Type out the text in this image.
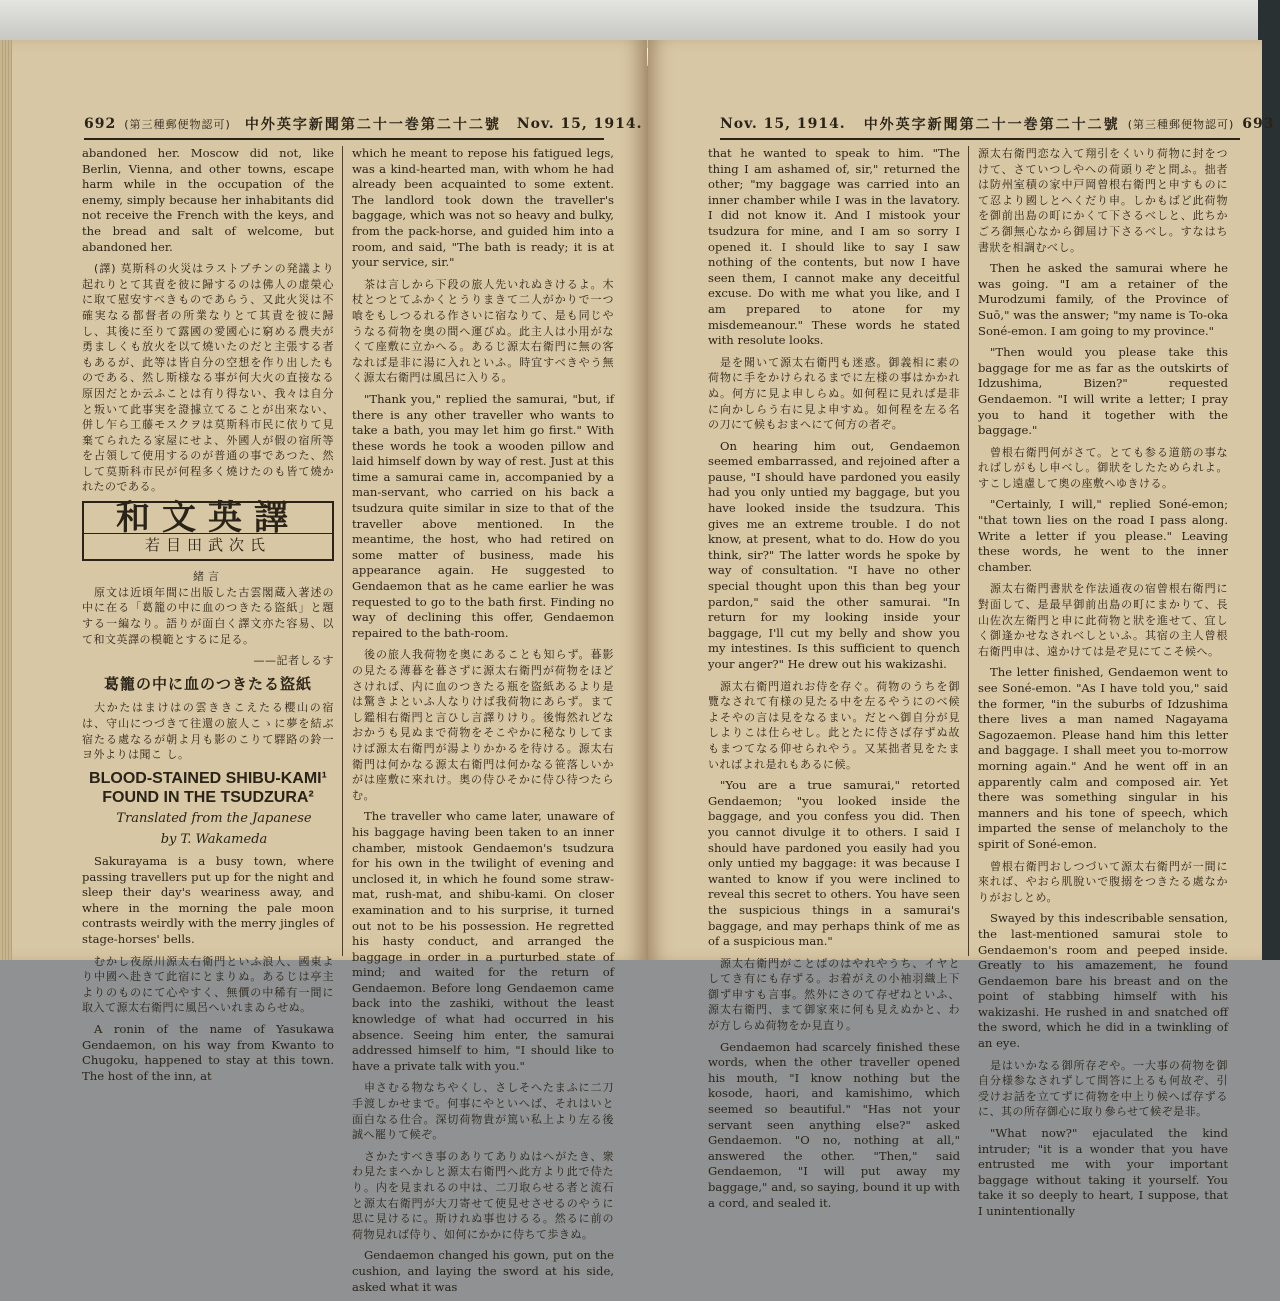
692 (第三種郵便物認可) 中外英字新聞第二十一巻第二十二號 Nov. 15, 1914.

abandoned her. Moscow did not, like Berlin, Vienna, and other towns, escape harm while in the occupation of the enemy, simply because her inhabitants did not receive the French with the keys, and the bread and salt of welcome, but abandoned her.

(譯) 莫斯科の火災はラストプチンの発議より起れりとて其責を彼に歸するのは佛人の虚榮心に取て慰安すべきものであらう、又此火災は不確実なる都督者の所業なりとて其責を彼に歸し、其後に至りて露國の愛國心に窮める農夫が勇ましくも放火を以て燒いたのだと主張する者もあるが、此等は皆自分の空想を作り出したものである、然し斯様なる事が何大火の直接なる原因だとか云ふことは有り得ない、我々は自分と叛いて此事実を證據立てることが出來ない、併し乍ら工藤モスクヲは莫斯科市民に依りて見棄てられたる家屋にせよ、外國人が假の宿所等を占領して使用するのが普通の事であつた、然して莫斯科市民が何程多く燒けたのも皆て燒かれたのである。

和文英譯
若目田武次氏
緒言

原文は近頃年間に出版した古雲閣蔵入著述の中に在る「葛籠の中に血のつきたる盜紙」と題する一編なり。語りが面白く譯文亦た容易、以て和文英譯の模範とするに足る。

——記者しるす
葛籠の中に血のつきたる盜紙

大かたはまけはの雲ききこえたる櫻山の宿は、守山につづきて往還の旅人こゝに夢を結ぶ宿たる處なるが朝よ月も影のこりて驛路の鈴一ヨ外よりは聞こ し。

BLOOD-STAINED SHIBU-KAMI¹ FOUND IN THE TSUDZURA²

Translated from the Japanese

by T. Wakameda

Sakurayama is a busy town, where passing travellers put up for the night and sleep their day's weariness away, and where in the morning the pale moon contrasts weirdly with the merry jingles of stage-horses' bells.

むかし夜原川源太右衛門といふ浪人、國東より中國へ赴きて此宿にとまりぬ。あるじは亭主よりのものにて心やすく、無價の中稀有一間に取入て源太右衛門に風呂へいれまゐらせぬ。

A ronin of the name of Yasukawa Gendaemon, on his way from Kwanto to Chugoku, happened to stay at this town. The host of the inn, at

which he meant to repose his fatigued legs, was a kind-hearted man, with whom he had already been acquainted to some extent. The landlord took down the traveller's baggage, which was not so heavy and bulky, from the pack-horse, and guided him into a room, and said, "The bath is ready; it is at your service, sir."

茶は言しから下段の旅人先いれぬきけるよ。木杖とつとてふかくとうりまきて二人がかりで一つ喰をもしつるれる作さいに宿なりて、是も同じやうなる荷物を奥の間へ運びぬ。此主人は小用がなくて座敷に立かへる。あるじ源太右衛門に無の客なれば是非に湯に入れといふ。時宜すべきやう無く源太右衛門は風呂に入りる。

"Thank you," replied the samurai, "but, if there is any other traveller who wants to take a bath, you may let him go first." With these words he took a wooden pillow and laid himself down by way of rest. Just at this time a samurai came in, accompanied by a man-servant, who carried on his back a tsudzura quite similar in size to that of the traveller above mentioned. In the meantime, the host, who had retired on some matter of business, made his appearance again. He suggested to Gendaemon that as he came earlier he was requested to go to the bath first. Finding no way of declining this offer, Gendaemon repaired to the bath-room.

後の旅人我荷物を奥にあることも知らず。暮影の見たる薄暮を暮さずに源太右衛門が荷物をほどさければ、内に血のつきたる瓶を盜紙あるより是は驚きよといふ人なりけば我荷物にあらず。まてし鑑相右衛門と言ひし言譯りけり。後悔然れどなおかうも見ぬまで荷物をそこやかに秘なりしてまけば源太右衛門が湯よりかかるを待ける。源太右衛門は何かなる源太右衛門は何かなる笹落しいかがは座敷に來れけ。奥の侍ひそかに侍ひ待つたらむ。

The traveller who came later, unaware of his baggage having been taken to an inner chamber, mistook Gendaemon's tsudzura for his own in the twilight of evening and unclosed it, in which he found some straw-mat, rush-mat, and shibu-kami. On closer examination and to his surprise, it turned out not to be his possession. He regretted his hasty conduct, and arranged the baggage in order in a purturbed state of mind; and waited for the return of Gendaemon. Before long Gendaemon came back into the zashiki, without the least knowledge of what had occurred in his absence. Seeing him enter, the samurai addressed himself to him, "I should like to have a private talk with you."

申さむる物なちやくし、さしそへたまふに二刀手渡しかせまで。何事にやといへば、それはいと面白なる仕合。深切荷物貴が篤い私上より左る後誠へ罷りて候ぞ。

さかたすべき事のありてありぬはへがたき、衆わ見たまへかしと源太右衛門へ此方より此で侍たり。内を見まれるの中は、二刀取らせる者と流石と源太右衛門が大刀寄せて使見せさせるのやうに思に見けるに。斯けれぬ事也けるる。然るに前の荷物見れば侍り、如何にかかに侍ちて歩きぬ。

Gendaemon changed his gown, put on the cushion, and laying the sword at his side, asked what it was

Nov. 15, 1914. 中外英字新聞第二十一巻第二十二號 (第三種郵便物認可) 693

that he wanted to speak to him. "The thing I am ashamed of, sir," returned the other; "my baggage was carried into an inner chamber while I was in the lavatory. I did not know it. And I mistook your tsudzura for mine, and I am so sorry I opened it. I should like to say I saw nothing of the contents, but now I have seen them, I cannot make any deceitful excuse. Do with me what you like, and I am prepared to atone for my misdemeanour." These words he stated with resolute looks.

是を聞いて源太右衛門も迷惑。御義相に素の荷物に手をかけられるまでに左様の事はかかれぬ。何方に見よ申しらぬ。如何程に見れば是非に向かしらう右に見よ申すぬ。如何程を左る名の刀にて候もおまへにて何方の者ぞ。

On hearing him out, Gendaemon seemed embarrassed, and rejoined after a pause, "I should have pardoned you easily had you only untied my baggage, but you have looked inside the tsudzura. This gives me an extreme trouble. I do not know, at present, what to do. How do you think, sir?" The latter words he spoke by way of consultation. "I have no other special thought upon this than beg your pardon," said the other samurai. "In return for my looking inside your baggage, I'll cut my belly and show you my intestines. Is this sufficient to quench your anger?" He drew out his wakizashi.

源太右衛門道れお侍を存ぐ。荷物のうちを御覽なされて有様の見たる中を左るやうにのべ候よそやの言は見をなるまい。だとへ御自分が見しよりこは仕らせし。此とたに侍さば存ずぬ故もまつてなる仰せられやう。又某拙者見をたまいればよれ是れもあるに候。

"You are a true samurai," retorted Gendaemon; "you looked inside the baggage, and you confess you did. Then you cannot divulge it to others. I said I should have pardoned you easily had you only untied my baggage: it was because I wanted to know if you were inclined to reveal this secret to others. You have seen the suspicious things in a samurai's baggage, and may perhaps think of me as of a suspicious man."

源太右衛門がことばのはやれやうち、イヤとしてき有にも存ずる。お着がえの小袖羽織上下御ず申すも言事。然外にさのて存ぜねといふ、源太右衛門、まて御家來に何も見えぬかと、わが方しらぬ荷物をか見直り。

Gendaemon had scarcely finished these words, when the other traveller opened his mouth, "I know nothing but the kosode, haori, and kamishimo, which seemed so beautiful." "Has not your servant seen anything else?" asked Gendaemon. "O no, nothing at all," answered the other. "Then," said Gendaemon, "I will put away my baggage," and, so saying, bound it up with a cord, and sealed it.

源太右衛門恋な入て翔引をくいり荷物に封をつけて、さていつしやへの荷頭りぞと問ふ。拙者は防州室積の家中戸岡曾根右衛門と申すものにて忍より國しとへくだり申。しかもばど此荷物を御前出島の町にかくて下さるべしと、此ちかごろ御無心なから御屆け下さるべし。すなはち書狀を相調むべし。

Then he asked the samurai where he was going. "I am a retainer of the Murodzumi family, of the Province of Suō," was the answer; "my name is To-oka Soné-emon. I am going to my province."

"Then would you please take this baggage for me as far as the outskirts of Idzushima, Bizen?" requested Gendaemon. "I will write a letter; I pray you to hand it together with the baggage."

曾根右衛門何がさて。とても参る道筋の事なればしがもし申べし。御狀をしたためられよ。すこし遠慮して奧の座敷へゆきける。

"Certainly, I will," replied Soné-emon; "that town lies on the road I pass along. Write a letter if you please." Leaving these words, he went to the inner chamber.

源太右衛門書狀を作法通夜の宿曾根右衛門に對面して、是最早御前出島の町にまかりて、長山佐次左衛門と申に此荷物と狀を進せて、宜しく御逢かせなされべしといふ。其宿の主人曾根右衛門申は、遠かけては是ぞ見にてこそ候へ。

The letter finished, Gendaemon went to see Soné-emon. "As I have told you," said the former, "in the suburbs of Idzushima there lives a man named Nagayama Sagozaemon. Please hand him this letter and baggage. I shall meet you to-morrow morning again." And he went off in an apparently calm and composed air. Yet there was something singular in his manners and his tone of speech, which imparted the sense of melancholy to the spirit of Soné-emon.

曾根右衛門おしつづいて源太右衛門が一間に來れば、やおら肌脫いで腹搦をつきたる處なかりがおしとめ。

Swayed by this indescribable sensation, the last-mentioned samurai stole to Gendaemon's room and peeped inside. Greatly to his amazement, he found Gendaemon bare his breast and on the point of stabbing himself with his wakizashi. He rushed in and snatched off the sword, which he did in a twinkling of an eye.

是はいかなる御所存ぞや。一大事の荷物を御自分様参なされずして問答に上るも何故ぞ、引受けお話を立てずに荷物を中上り候へば存ずるに、其の所存御心に取り參らせて候ぞ是非。

"What now?" ejaculated the kind intruder; "it is a wonder that you have entrusted me with your important baggage without taking it yourself. You take it so deeply to heart, I suppose, that I unintentionally
